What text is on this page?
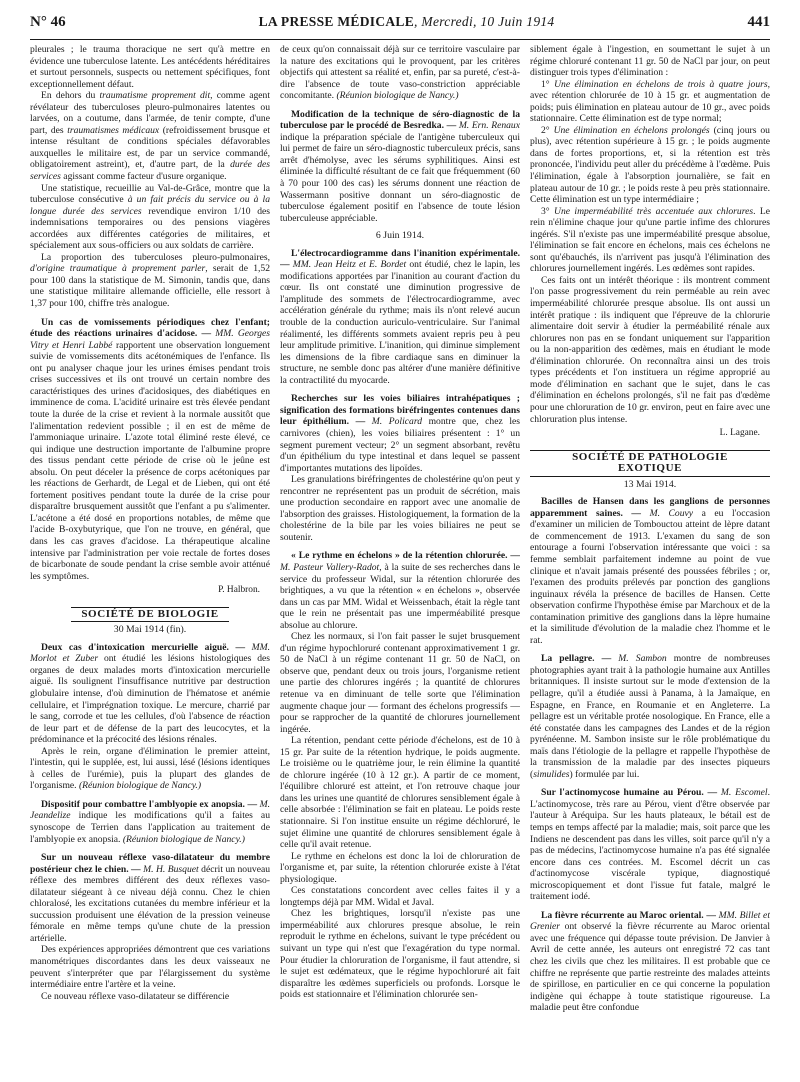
N° 46	LA PRESSE MÉDICALE, Mercredi, 10 Juin 1914	441

pleurales ; le trauma thoracique ne sert qu'à mettre en évidence une tuberculose latente. Les antécédents héréditaires et surtout personnels, suspects ou nettement spécifiques, font exceptionnellement défaut.

En dehors du traumatisme proprement dit, comme agent révélateur des tuberculoses pleuro-pulmonaires latentes ou larvées, on a coutume, dans l'armée, de tenir compte, d'une part, des traumatismes médicaux (refroidissement brusque et intense résultant de conditions spéciales défavorables auxquelles le militaire est, de par un service commandé, obligatoirement astreint), et, d'autre part, de la durée des services agissant comme facteur d'usure organique.

Une statistique, recueillie au Val-de-Grâce, montre que la tuberculose consécutive à un fait précis du service ou à la longue durée des services revendique environ 1/10 des indemnisations temporaires ou des pensions viagères accordées aux différentes catégories de militaires, et spécialement aux sous-officiers ou aux soldats de carrière.

La proportion des tuberculoses pleuro-pulmonaires, d'origine traumatique à proprement parler, serait de 1,52 pour 100 dans la statistique de M. Simonin, tandis que, dans une statistique militaire allemande officielle, elle ressort à 1,37 pour 100, chiffre très analogue.

Un cas de vomissements périodiques chez l'enfant; étude des réactions urinaires d'acidose. — MM. Georges Vitry et Henri Labbé rapportent une observation longuement suivie de vomissements dits acétonémiques de l'enfance. Ils ont pu analyser chaque jour les urines émises pendant trois crises successives et ils ont trouvé un certain nombre des caractéristiques des urines d'acidosiques, des diabétiques en imminence de coma. L'acidité urinaire est très élevée pendant toute la durée de la crise et revient à la normale aussitôt que l'alimentation redevient possible ; il en est de même de l'ammoniaque urinaire. L'azote total éliminé reste élevé, ce qui indique une destruction importante de l'albumine propre des tissus pendant cette période de crise où le jeûne est absolu. On peut déceler la présence de corps acétoniques par les réactions de Gerhardt, de Legal et de Lieben, qui ont été fortement positives pendant toute la durée de la crise pour disparaître brusquement aussitôt que l'enfant a pu s'alimenter. L'acétone a été dosé en proportions notables, de même que l'acide B-oxybutyrique, que l'on ne trouve, en général, que dans les cas graves d'acidose. La thérapeutique alcaline intensive par l'administration per voie rectale de fortes doses de bicarbonate de soude pendant la crise semble avoir atténué les symptômes.

P. Halbron.
SOCIÉTÉ DE BIOLOGIE
30 Mai 1914 (fin).

Deux cas d'intoxication mercurielle aiguë. — MM. Morlot et Zuber ont étudié les lésions histologiques des organes de deux malades morts d'intoxication mercurielle aiguë. Ils soulignent l'insuffisance nutritive par destruction globulaire intense, d'où diminution de l'hématose et anémie cellulaire, et l'imprégnation toxique. Le mercure, charrié par le sang, corrode et tue les cellules, d'où l'absence de réaction de leur part et de défense de la part des leucocytes, et la prédominance et la précocité des lésions rénales.

Après le rein, organe d'élimination le premier atteint, l'intestin, qui le supplée, est, lui aussi, lésé (lésions identiques à celles de l'urémie), puis la plupart des glandes de l'organisme. (Réunion biologique de Nancy.)

Dispositif pour combattre l'amblyopie ex anopsia. — M. Jeandelize indique les modifications qu'il a faites au synoscope de Terrien dans l'application au traitement de l'amblyopie ex anopsia. (Réunion biologique de Nancy.)

Sur un nouveau réflexe vaso-dilatateur du membre postérieur chez le chien. — M. H. Busquet décrit un nouveau réflexe des membres différent des deux réflexes vaso-dilatateur siégeant à ce niveau déjà connu. Chez le chien chloralosé, les excitations cutanées du membre inférieur et la succussion produisent une élévation de la pression veineuse fémorale en même temps qu'une chute de la pression artérielle.

Des expériences appropriées démontrent que ces variations manométriques discordantes dans les deux vaisseaux ne peuvent s'interpréter que par l'élargissement du système intermédiaire entre l'artère et la veine.

Ce nouveau réflexe vaso-dilatateur se différencie

de ceux qu'on connaissait déjà sur ce territoire vasculaire par la nature des excitations qui le provoquent, par les critères objectifs qui attestent sa réalité et, enfin, par sa pureté, c'est-à-dire l'absence de toute vaso-constriction appréciable concomitante. (Réunion biologique de Nancy.)

Modification de la technique de séro-diagnostic de la tuberculose par le procédé de Besredka. — M. Ern. Renaux indique la préparation spéciale de l'antigène tuberculeux qui lui permet de faire un séro-diagnostic tuberculeux précis, sans arrêt d'hémolyse, avec les sérums syphilitiques. Ainsi est éliminée la difficulté résultant de ce fait que fréquemment (60 à 70 pour 100 des cas) les sérums donnent une réaction de Wassermann positive donnant un séro-diagnostic de tuberculose également positif en l'absence de toute lésion tuberculeuse appréciable.

6 Juin 1914.

L'électrocardiogramme dans l'inanition expérimentale. — MM. Jean Heitz et E. Bordet ont étudié, chez le lapin, les modifications apportées par l'inanition au courant d'action du cœur. Ils ont constaté une diminution progressive de l'amplitude des sommets de l'électrocardiogramme, avec accélération générale du rythme; mais ils n'ont relevé aucun trouble de la conduction auriculo-ventriculaire. Sur l'animal réalimenté, les différents sommets avaient repris peu à peu leur amplitude primitive. L'inanition, qui diminue simplement les dimensions de la fibre cardiaque sans en diminuer la structure, ne semble donc pas altérer d'une manière définitive la contractilité du myocarde.

Recherches sur les voies biliaires intrahépatiques ; signification des formations biréfringentes contenues dans leur épithélium. — M. Policard montre que, chez les carnivores (chien), les voies biliaires présentent : 1° un segment purement vecteur; 2° un segment absorbant, revêtu d'un épithélium du type intestinal et dans lequel se passent d'importantes mutations des lipoïdes.

Les granulations biréfringentes de cholestérine qu'on peut y rencontrer ne représentent pas un produit de sécrétion, mais une production secondaire en rapport avec une anomalie de l'absorption des graisses. Histologiquement, la formation de la cholestérine de la bile par les voies biliaires ne peut se soutenir.

« Le rythme en échelons » de la rétention chlorurée. — M. Pasteur Vallery-Radot, à la suite de ses recherches dans le service du professeur Widal, sur la rétention chlorurée des brightiques, a vu que la rétention « en échelons », observée dans un cas par MM. Widal et Weissenbach, était la règle tant que le rein ne présentait pas une imperméabilité presque absolue au chlorure.

Chez les normaux, si l'on fait passer le sujet brusquement d'un régime hypochloruré contenant approximativement 1 gr. 50 de NaCl à un régime contenant 11 gr. 50 de NaCl, on observe que, pendant deux ou trois jours, l'organisme retient une partie des chlorures ingérés ; la quantité de chlorures retenue va en diminuant de telle sorte que l'élimination augmente chaque jour — formant des échelons progressifs — pour se rapprocher de la quantité de chlorures journellement ingérée.

La rétention, pendant cette période d'échelons, est de 10 à 15 gr. Par suite de la rétention hydrique, le poids augmente. Le troisième ou le quatrième jour, le rein élimine la quantité de chlorure ingérée (10 à 12 gr.). A partir de ce moment, l'équilibre chloruré est atteint, et l'on retrouve chaque jour dans les urines une quantité de chlorures sensiblement égale à celle absorbée : l'élimination se fait en plateau. Le poids reste stationnaire. Si l'on institue ensuite un régime déchloruré, le sujet élimine une quantité de chlorures sensiblement égale à celle qu'il avait retenue.

Le rythme en échelons est donc la loi de chloruration de l'organisme et, par suite, la rétention chlorurée existe à l'état physiologique.

Ces constatations concordent avec celles faites il y a longtemps déjà par MM. Widal et Javal.

Chez les brightiques, lorsqu'il n'existe pas une imperméabilité aux chlorures presque absolue, le rein reproduit le rythme en échelons, suivant le type précédent ou suivant un type qui n'est que l'exagération du type normal. Pour étudier la chloruration de l'organisme, il faut attendre, si le sujet est œdémateux, que le régime hypochloruré ait fait disparaître les œdèmes superficiels ou profonds. Lorsque le poids est stationnaire et l'élimination chlorurée sen-

siblement égale à l'ingestion, en soumettant le sujet à un régime chloruré contenant 11 gr. 50 de NaCl par jour, on peut distinguer trois types d'élimination :

1° Une élimination en échelons de trois à quatre jours, avec rétention chlorurée de 10 à 15 gr. et augmentation de poids; puis élimination en plateau autour de 10 gr., avec poids stationnaire. Cette élimination est de type normal;

2° Une élimination en échelons prolongés (cinq jours ou plus), avec rétention supérieure à 15 gr. ; le poids augmente dans de fortes proportions, et, si la rétention est très prononcée, l'individu peut aller du précédème à l'œdème. Puis l'élimination, égale à l'absorption journalière, se fait en plateau autour de 10 gr. ; le poids reste à peu près stationnaire. Cette élimination est un type intermédiaire ;

3° Une imperméabilité très accentuée aux chlorures. Le rein n'élimine chaque jour qu'une partie infime des chlorures ingérés. S'il n'existe pas une imperméabilité presque absolue, l'élimination se fait encore en échelons, mais ces échelons ne sont qu'ébauchés, ils n'arrivent pas jusqu'à l'élimination des chlorures journellement ingérés. Les œdèmes sont rapides.

Ces faits ont un intérêt théorique : ils montrent comment l'on passe progressivement du rein perméable au rein avec imperméabilité chlorurée presque absolue. Ils ont aussi un intérêt pratique : ils indiquent que l'épreuve de la chlorurie alimentaire doit servir à étudier la perméabilité rénale aux chlorures non pas en se fondant uniquement sur l'apparition ou la non-apparition des œdèmes, mais en étudiant le mode d'élimination chlorurée. On reconnaîtra ainsi un des trois types précédents et l'on instituera un régime approprié au mode d'élimination en sachant que le sujet, dans le cas d'élimination en échelons prolongés, s'il ne fait pas d'œdème pour une chloruration de 10 gr. environ, peut en faire avec une chloruration plus intense.

L. Lagane.
SOCIÉTÉ DE PATHOLOGIE EXOTIQUE
13 Mai 1914.

Bacilles de Hansen dans les ganglions de personnes apparemment saines. — M. Couvy a eu l'occasion d'examiner un milicien de Tombouctou atteint de lèpre datant de commencement de 1913. L'examen du sang de son entourage a fourni l'observation intéressante que voici : sa femme semblait parfaitement indemne au point de vue clinique et n'avait jamais présenté des poussées fébriles ; or, l'examen des produits prélevés par ponction des ganglions inguinaux révéla la présence de bacilles de Hansen. Cette observation confirme l'hypothèse émise par Marchoux et de la contamination primitive des ganglions dans la lèpre humaine et la similitude d'évolution de la maladie chez l'homme et le rat.

La pellagre. — M. Sambon montre de nombreuses photographies ayant trait à la pathologie humaine aux Antilles britanniques. Il insiste surtout sur le mode d'extension de la pellagre, qu'il a étudiée aussi à Panama, à la Jamaïque, en Espagne, en France, en Roumanie et en Angleterre. La pellagre est un véritable protée nosologique. En France, elle a été constatée dans les campagnes des Landes et de la région pyrénéenne. M. Sambon insiste sur le rôle problématique du maïs dans l'étiologie de la pellagre et rappelle l'hypothèse de la transmission de la maladie par des insectes piqueurs (simulides) formulée par lui.

Sur l'actinomycose humaine au Pérou. — M. Escomel. L'actinomycose, très rare au Pérou, vient d'être observée par l'auteur à Aréquipa. Sur les hauts plateaux, le bétail est de temps en temps affecté par la maladie; mais, soit parce que les Indiens ne descendent pas dans les villes, soit parce qu'il n'y a pas de médecins, l'actinomycose humaine n'a pas été signalée encore dans ces contrées. M. Escomel décrit un cas d'actinomycose viscérale typique, diagnostiqué microscopiquement et dont l'issue fut fatale, malgré le traitement iodé.

La fièvre récurrente au Maroc oriental. — MM. Billet et Grenier ont observé la fièvre récurrente au Maroc oriental avec une fréquence qui dépasse toute prévision. De Janvier à Avril de cette année, les auteurs ont enregistré 72 cas tant chez les civils que chez les militaires. Il est probable que ce chiffre ne représente que partie restreinte des malades atteints de spirillose, en particulier en ce qui concerne la population indigène qui échappe à toute statistique rigoureuse. La maladie peut être confondue
